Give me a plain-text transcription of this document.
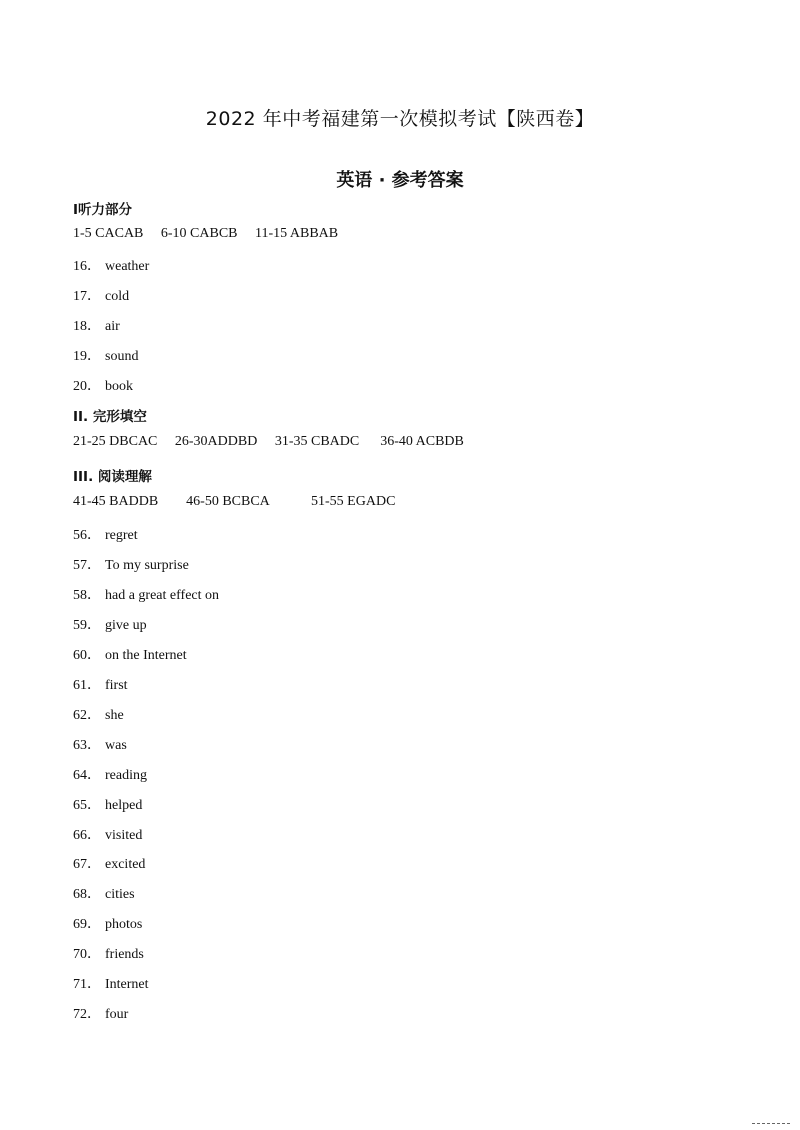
2022 年中考福建第一次模拟考试【陕西卷】
英语 · 参考答案
I听力部分
1-5 CACAB     6-10 CABCB     11-15 ABBAB
16． weather
17． cold
18． air
19． sound
20． book
II. 完形填空
21-25 DBCAC     26-30ADDBD     31-35 CBADC      36-40 ACBDB
III. 阅读理解
41-45 BADDB        46-50 BCBCA            51-55 EGADC
56． regret
57． To my surprise
58． had a great effect on
59． give up
60． on the Internet
61． first
62． she
63． was
64． reading
65． helped
66． visited
67． excited
68． cities
69． photos
70． friends
71． Internet
72． four
